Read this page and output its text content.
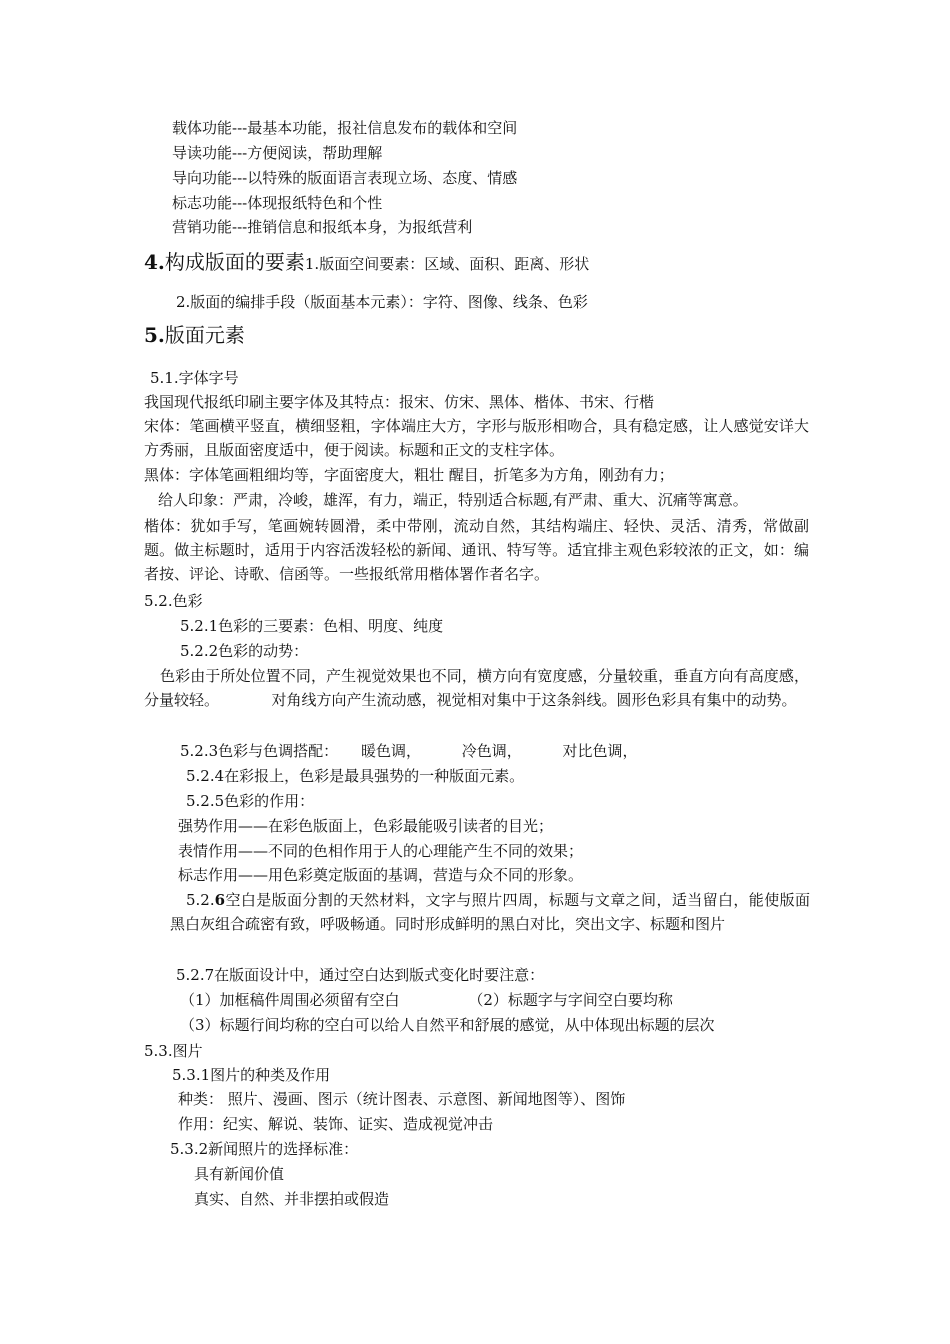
载体功能---最基本功能，报社信息发布的载体和空间
导读功能---方便阅读，帮助理解
导向功能---以特殊的版面语言表现立场、态度、情感
标志功能---体现报纸特色和个性
营销功能---推销信息和报纸本身，为报纸营利
4.构成版面的要素1.版面空间要素：区域、面积、距离、形状
2.版面的编排手段（版面基本元素）：字符、图像、线条、色彩
5.版面元素
5.1.字体字号
我国现代报纸印刷主要字体及其特点：报宋、仿宋、黑体、楷体、书宋、行楷
宋体：笔画横平竖直，横细竖粗，字体端庄大方，字形与版形相吻合，具有稳定感，让人感觉安详大方秀丽，且版面密度适中，便于阅读。标题和正文的支柱字体。
黑体：字体笔画粗细均等，字面密度大，粗壮 醒目，折笔多为方角，刚劲有力；
给人印象：严肃，冷峻，雄浑，有力，端正，特别适合标题,有严肃、重大、沉痛等寓意。
楷体：犹如手写，笔画婉转圆滑，柔中带刚，流动自然，其结构端庄、轻快、灵活、清秀，常做副题。做主标题时，适用于内容活泼轻松的新闻、通讯、特写等。适宜排主观色彩较浓的正文，如：编者按、评论、诗歌、信函等。一些报纸常用楷体署作者名字。
5.2.色彩
5.2.1色彩的三要素：色相、明度、纯度
5.2.2色彩的动势：
色彩由于所处位置不同，产生视觉效果也不同，横方向有宽度感，分量较重，垂直方向有高度感，分量较轻。　　　　对角线方向产生流动感，视觉相对集中于这条斜线。圆形色彩具有集中的动势。
5.2.3色彩与色调搭配： 暖色调，	冷色调，	对比色调，
5.2.4在彩报上，色彩是最具强势的一种版面元素。
5.2.5色彩的作用：
强势作用——在彩色版面上，色彩最能吸引读者的目光；
表情作用——不同的色相作用于人的心理能产生不同的效果；
标志作用——用色彩奠定版面的基调，营造与众不同的形象。
5.2.6空白是版面分割的天然材料，文字与照片四周，标题与文章之间，适当留白，能使版面黑白灰组合疏密有致，呼吸畅通。同时形成鲜明的黑白对比，突出文字、标题和图片
5.2.7在版面设计中，通过空白达到版式变化时要注意：
（1）加框稿件周围必须留有空白	（2）标题字与字间空白要均称
（3）标题行间均称的空白可以给人自然平和舒展的感觉，从中体现出标题的层次
5.3.图片
5.3.1图片的种类及作用
种类： 照片、漫画、图示（统计图表、示意图、新闻地图等）、图饰
作用：纪实、解说、装饰、证实、造成视觉冲击
5.3.2新闻照片的选择标准：
具有新闻价值
真实、自然、并非摆拍或假造
